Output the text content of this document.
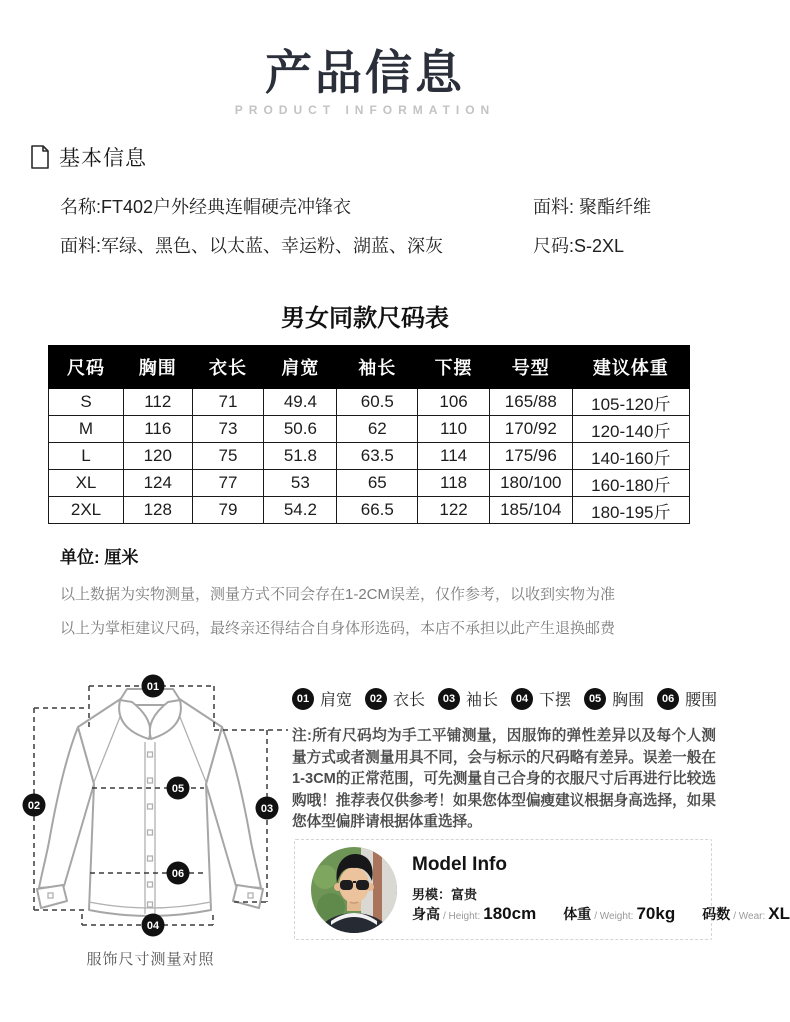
产品信息
PRODUCT INFORMATION
基本信息
名称:FT402户外经典连帽硬壳冲锋衣	面料: 聚酯纤维
面料:军绿、黑色、以太蓝、幸运粉、湖蓝、深灰	尺码:S-2XL
男女同款尺码表
尺码	胸围	衣长	肩宽	袖长	下摆	号型	建议体重
S	112	71	49.4	60.5	106	165/88	105-120斤
M	116	73	50.6	62	110	170/92	120-140斤
L	120	75	51.8	63.5	114	175/96	140-160斤
XL	124	77	53	65	118	180/100	160-180斤
2XL	128	79	54.2	66.5	122	185/104	180-195斤
单位: 厘米
以上数据为实物测量，测量方式不同会存在1-2CM误差，仅作参考，以收到实物为准
以上为掌柜建议尺码，最终亲还得结合自身体形选码，本店不承担以此产生退换邮费
01
02	03
04
05
06
服饰尺寸测量对照
01 肩宽	02 衣长	03 袖长	04 下摆	05 胸围	06 腰围
注:所有尺码均为手工平铺测量，因服饰的弹性差异以及每个人测量方式或者测量用具不同，会与标示的尺码略有差异。误差一般在1-3CM的正常范围，可先测量自己合身的衣服尺寸后再进行比较选购哦！推荐表仅供参考！如果您体型偏瘦建议根据身高选择，如果您体型偏胖请根据体重选择。
Model Info
男模：富贵
身高 / Height: 180cm 体重 / Weight: 70kg 码数 / Wear: XL
